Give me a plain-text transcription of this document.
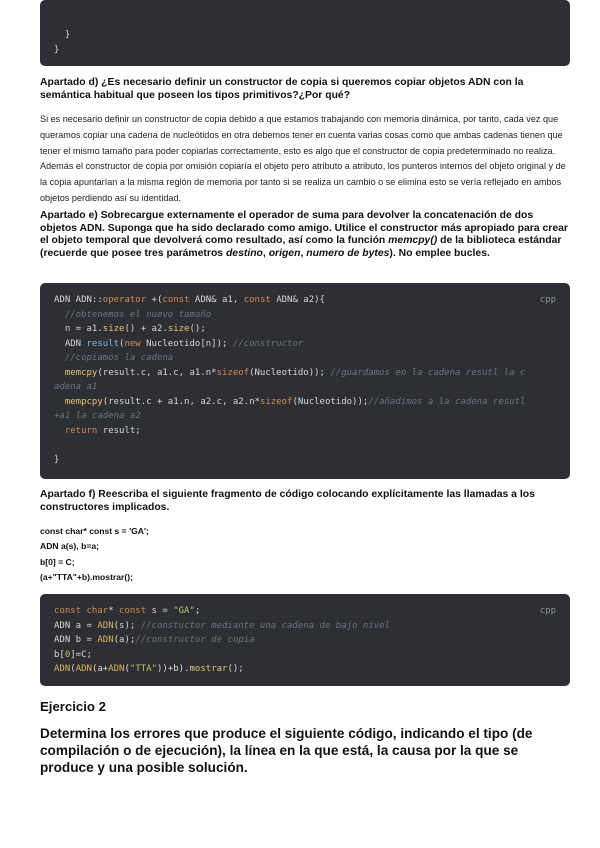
}
}
Apartado d) ¿Es necesario definir un constructor de copia si queremos copiar objetos ADN con la semántica habitual que poseen los tipos primitivos?¿Por qué?
Si es necesario definir un constructor de copia debido a que estamos trabajando con memoria dinámica, por tanto, cada vez que queramos copiar una cadena de nucleótidos en otra debemos tener en cuenta varias cosas como que ambas cadenas tienen que tener el mismo tamaño para poder copiarlas correctamente, esto es algo que el constructor de copia predeterminado no realiza. Además el constructor de copia por omisión copiaría el objeto pero atributo a atributo, los punteros internos del objeto original y de la copia apuntarían a la misma región de memoria por tanto si se realiza un cambio o se elimina esto se vería reflejado en ambos objetos perdiendo así su identidad.
Apartado e) Sobrecargue externamente el operador de suma para devolver la concatenación de dos objetos ADN. Suponga que ha sido declarado como amigo. Utilice el constructor más apropiado para crear el objeto temporal que devolverá como resultado, así como la función memcpy() de la biblioteca estándar (recuerde que posee tres parámetros destino, origen, numero de bytes). No emplee bucles.
cpp
ADN ADN::operator +(const ADN& a1, const ADN& a2){
//obtenemos el nuevo tamaño
n = a1.size() + a2.size();
ADN result(new Nucleotido[n]); //constructor
//copiamos la cadena
memcpy(result.c, a1.c, a1.n*sizeof(Nucleotido)); //guardamos en la cadena resutl la c
adena a1
mempcpy(result.c + a1.n, a2.c, a2.n*sizeof(Nucleotido));//añadimos a la cadena resutl
+a1 la cadena a2
return result;

}
Apartado f) Reescriba el siguiente fragmento de código colocando explícitamente las llamadas a los constructores implicados.
const char* const s = 'GA';
ADN a(s), b=a;
b[0] = C;
(a+"TTA"+b).mostrar();
cpp
const char* const s = "GA";
ADN a = ADN(s); //constuctor mediante una cadena de bajo nivel
ADN b = ADN(a);//constructor de copia
b[0]=C;
ADN(ADN(a+ADN("TTA"))+b).mostrar();
Ejercicio 2
Determina los errores que produce el siguiente código, indicando el tipo (de compilación o de ejecución), la línea en la que está, la causa por la que se produce y una posible solución.
